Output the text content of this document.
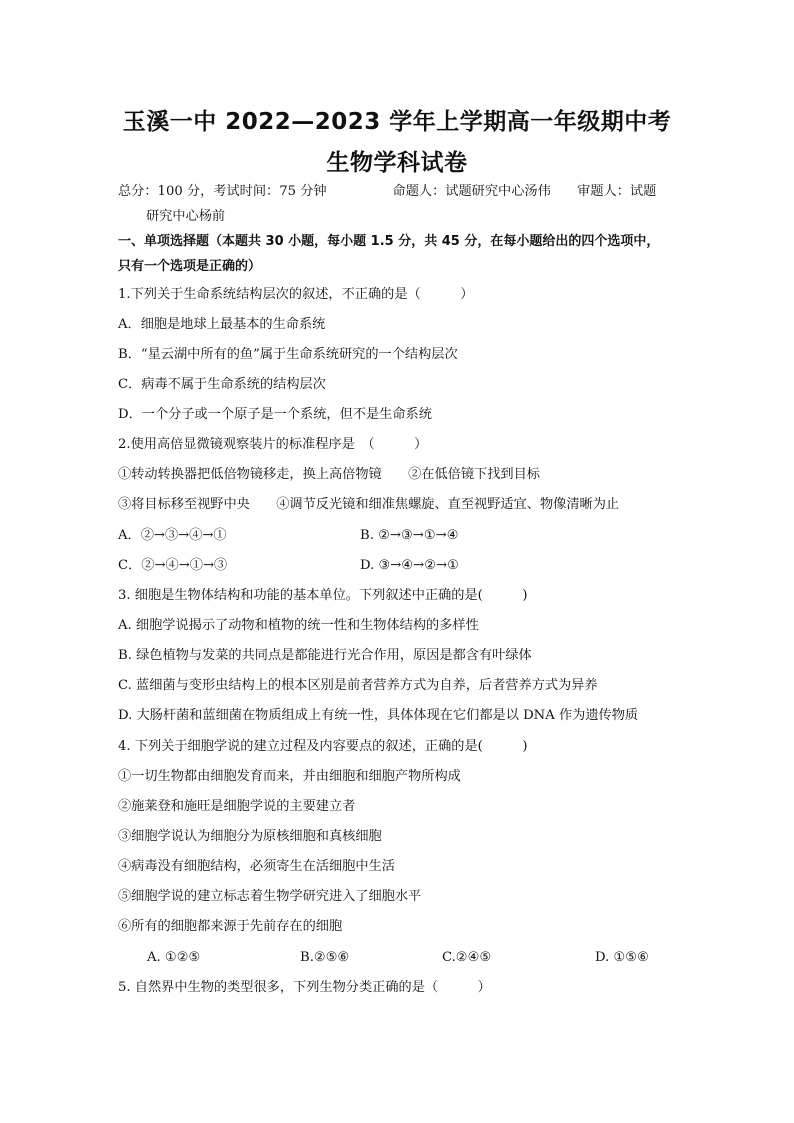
玉溪一中 2022—2023 学年上学期高一年级期中考
生物学科试卷
总分：100 分，考试时间：75 分钟　　　　　命题人：试题研究中心汤伟　　审题人：试题
研究中心杨前
一、单项选择题（本题共 30 小题，每小题 1.5 分，共 45 分，在每小题给出的四个选项中，
只有一个选项是正确的）
1.下列关于生命系统结构层次的叙述，不正确的是（　　　）
A．细胞是地球上最基本的生命系统
B．“星云湖中所有的鱼”属于生命系统研究的一个结构层次
C．病毒不属于生命系统的结构层次
D．一个分子或一个原子是一个系统，但不是生命系统
2.使用高倍显微镜观察装片的标准程序是　（　　　）
①转动转换器把低倍物镜移走，换上高倍物镜　　②在低倍镜下找到目标
③将目标移至视野中央　　④调节反光镜和细准焦螺旋、直至视野适宜、物像清晰为止
A．②→③→④→①	B. ②→③→①→④
C．②→④→①→③	D. ③→④→②→①
3. 细胞是生物体结构和功能的基本单位。下列叙述中正确的是(　　　)
A. 细胞学说揭示了动物和植物的统一性和生物体结构的多样性
B. 绿色植物与发菜的共同点是都能进行光合作用，原因是都含有叶绿体
C. 蓝细菌与变形虫结构上的根本区别是前者营养方式为自养，后者营养方式为异养
D. 大肠杆菌和蓝细菌在物质组成上有统一性，具体体现在它们都是以 DNA 作为遗传物质
4. 下列关于细胞学说的建立过程及内容要点的叙述，正确的是(　　　)
①一切生物都由细胞发育而来，并由细胞和细胞产物所构成
②施莱登和施旺是细胞学说的主要建立者
③细胞学说认为细胞分为原核细胞和真核细胞
④病毒没有细胞结构，必须寄生在活细胞中生活
⑤细胞学说的建立标志着生物学研究进入了细胞水平
⑥所有的细胞都来源于先前存在的细胞
A. ①②⑤	B.②⑤⑥	C.②④⑤	D. ①⑤⑥
5. 自然界中生物的类型很多，下列生物分类正确的是（　　　）
